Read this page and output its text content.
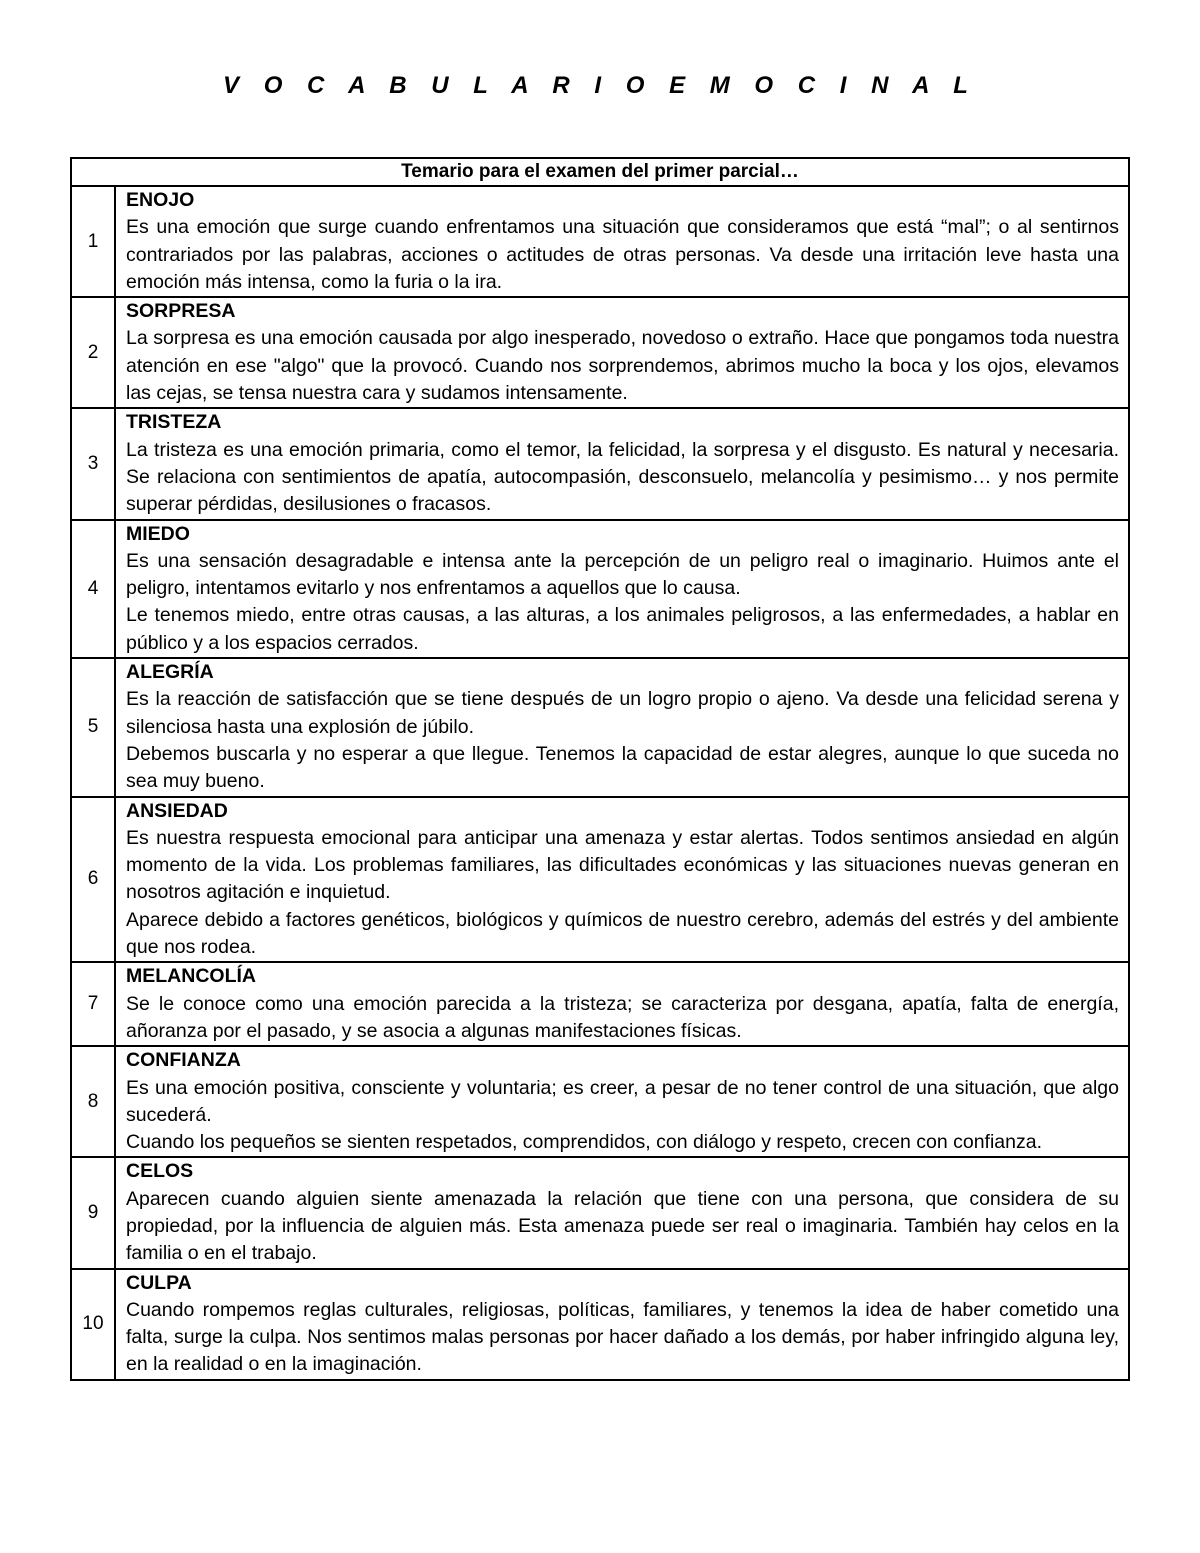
V O C A B U L A R I O E M O C I N A L
Temario para el examen del primer parcial…	
1	ENOJO
Es una emoción que surge cuando enfrentamos una situación que consideramos que está “mal”; o al sentirnos contrariados por las palabras, acciones o actitudes de otras personas. Va desde una irritación leve hasta una emoción más intensa, como la furia o la ira.

2	SORPRESA
La sorpresa es una emoción causada por algo inesperado, novedoso o extraño. Hace que pongamos toda nuestra atención en ese "algo" que la provocó. Cuando nos sorprendemos, abrimos mucho la boca y los ojos, elevamos las cejas, se tensa nuestra cara y sudamos intensamente.

3	TRISTEZA
La tristeza es una emoción primaria, como el temor, la felicidad, la sorpresa y el disgusto. Es natural y necesaria. Se relaciona con sentimientos de apatía, autocompasión, desconsuelo, melancolía y pesimismo… y nos permite superar pérdidas, desilusiones o fracasos.

4	MIEDO
Es una sensación desagradable e intensa ante la percepción de un peligro real o imaginario. Huimos ante el peligro, intentamos evitarlo y nos enfrentamos a aquellos que lo causa.
Le tenemos miedo, entre otras causas, a las alturas, a los animales peligrosos, a las enfermedades, a hablar en público y a los espacios cerrados.

5	ALEGRÍA
Es la reacción de satisfacción que se tiene después de un logro propio o ajeno. Va desde una felicidad serena y silenciosa hasta una explosión de júbilo.
Debemos buscarla y no esperar a que llegue. Tenemos la capacidad de estar alegres, aunque lo que suceda no sea muy bueno.

6	ANSIEDAD
Es nuestra respuesta emocional para anticipar una amenaza y estar alertas. Todos sentimos ansiedad en algún momento de la vida. Los problemas familiares, las dificultades económicas y las situaciones nuevas generan en nosotros agitación e inquietud.
Aparece debido a factores genéticos, biológicos y químicos de nuestro cerebro, además del estrés y del ambiente que nos rodea.

7	MELANCOLÍA
Se le conoce como una emoción parecida a la tristeza; se caracteriza por desgana, apatía, falta de energía, añoranza por el pasado, y se asocia a algunas manifestaciones físicas.

8	CONFIANZA
Es una emoción positiva, consciente y voluntaria; es creer, a pesar de no tener control de una situación, que algo sucederá.
Cuando los pequeños se sienten respetados, comprendidos, con diálogo y respeto, crecen con confianza.

9	CELOS
Aparecen cuando alguien siente amenazada la relación que tiene con una persona, que considera de su propiedad, por la influencia de alguien más. Esta amenaza puede ser real o imaginaria. También hay celos en la familia o en el trabajo.

10	CULPA
Cuando rompemos reglas culturales, religiosas, políticas, familiares, y tenemos la idea de haber cometido una falta, surge la culpa. Nos sentimos malas personas por hacer dañado a los demás, por haber infringido alguna ley, en la realidad o en la imaginación.
